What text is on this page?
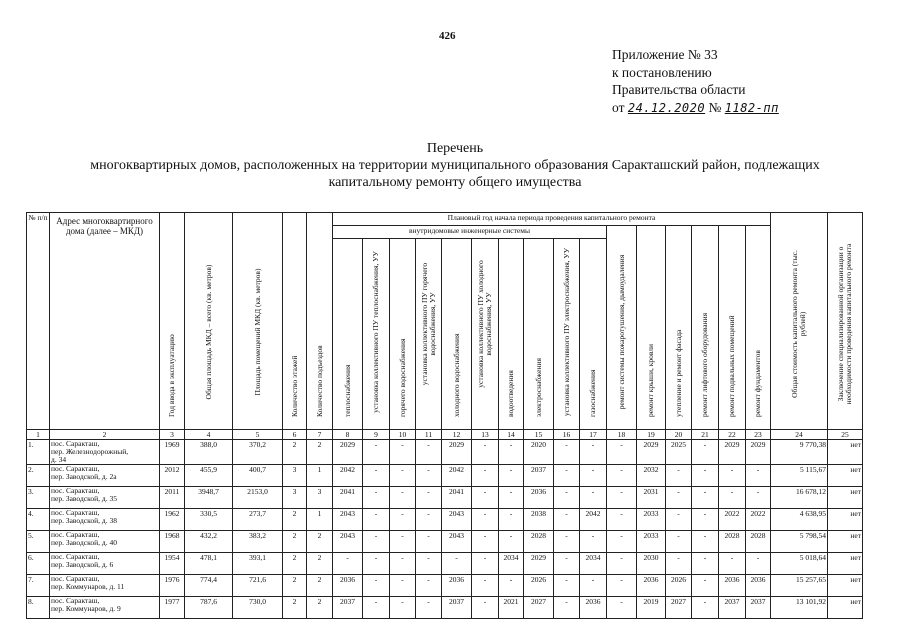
426
Приложение № 33
к постановлению
Правительства области
от 24.12.2020 № 1182-пп
Перечень
многоквартирных домов, расположенных на территории муниципального образования Саракташский район, подлежащих
капитальному ремонту общего имущества
№ п/п	Адрес многоквартирного дома (далее – МКД)	Год ввода в эксплуатацию	Общая площадь МКД – всего (кв. метров)	Площадь помещений МКД (кв. метров)	Количество этажей	Количество подъездов	Плановый год начала периода проведения капитального ремонта																Общая стоимость капитального ремонта (тыс. рублей)	Заключение специализированной организации о необходимости проведения капитального ремонта

							внутридомовые инженерные системы										ремонт системы пожаротушения, дымоудаления	ремонт крыши, кровли	утепление и ремонт фасада	ремонт лифтового оборудования	ремонт подвальных помещений	ремонт фундаментов		

							теплоснабжения	установка коллективного ПУ теплоснабжения, УУ	горячего водоснабжения	установка коллективного ПУ горячего водоснабжения, УУ	холодного водоснабжения	установка коллективного ПУ холодного водоснабжения, УУ	водоотведения	электроснабжения	установка коллективного ПУ электроснабжения, УУ	газоснабжения								

1	2	3	4	5	6	7	8	9	10	11	12	13	14	15	16	17	18	19	20	21	22	23	24	25
1.	пос. Саракташ,
пер. Железнодорожный,
д. 34	1969	388,0	370,2	2	2	2029	-	-	-	2029	-	-	2020	-	-	-	2029	2025	-	2029	2029	9 770,38	нет
2.	пос. Саракташ,
пер. Заводской, д. 2а	2012	455,9	400,7	3	1	2042	-	-	-	2042	-	-	2037	-	-	-	2032	-	-	-	-	5 115,67	нет
3.	пос. Саракташ,
пер. Заводской, д. 35	2011	3948,7	2153,0	3	3	2041	-	-	-	2041	-	-	2036	-	-	-	2031	-	-	-	-	16 678,12	нет
4.	пос. Саракташ,
пер. Заводской, д. 38	1962	330,5	273,7	2	1	2043	-	-	-	2043	-	-	2038	-	2042	-	2033	-	-	2022	2022	4 638,95	нет
5.	пос. Саракташ,
пер. Заводской, д. 40	1968	432,2	383,2	2	2	2043	-	-	-	2043	-	-	2028	-	-	-	2033	-	-	2028	2028	5 798,54	нет
6.	пос. Саракташ,
пер. Заводской, д. 6	1954	478,1	393,1	2	2	-	-	-	-	-	-	2034	2029	-	2034	-	2030	-	-	-	-	5 018,64	нет
7.	пос. Саракташ,
пер. Коммунаров, д. 11	1976	774,4	721,6	2	2	2036	-	-	-	2036	-	-	2026	-	-	-	2036	2026	-	2036	2036	15 257,65	нет
8.	пос. Саракташ,
пер. Коммунаров, д. 9	1977	787,6	730,0	2	2	2037	-	-	-	2037	-	2021	2027	-	2036	-	2019	2027	-	2037	2037	13 101,92	нет
